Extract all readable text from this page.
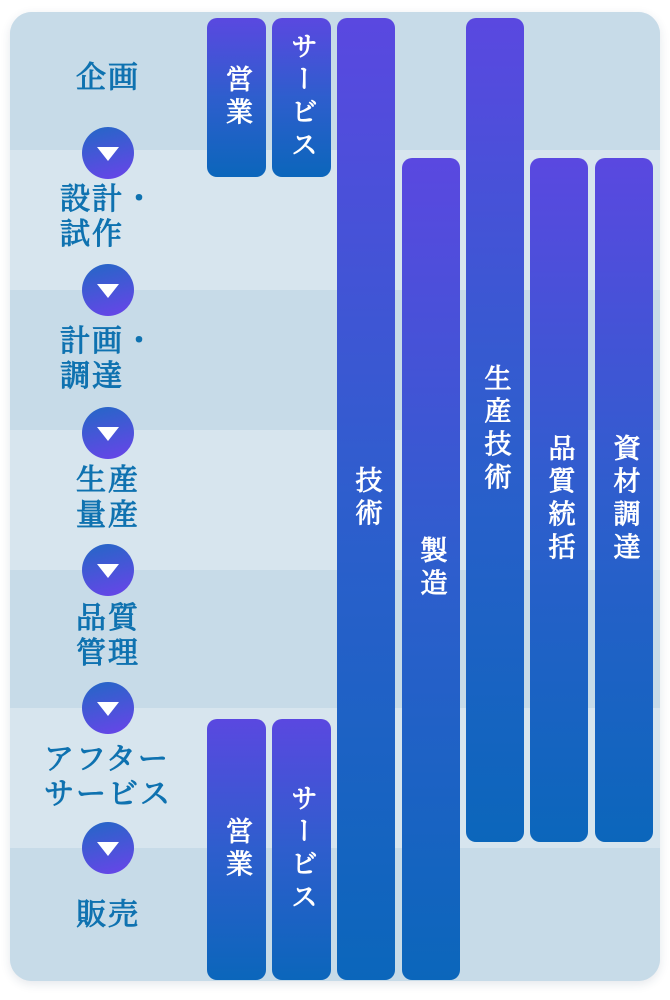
企画
設計・
試作
計画・
調達
生産
量産
品質
管理
アフター
サービス
販売
営業 サービス
技術
製造
生産技術
品質統括 資材調達
営業 サービス
